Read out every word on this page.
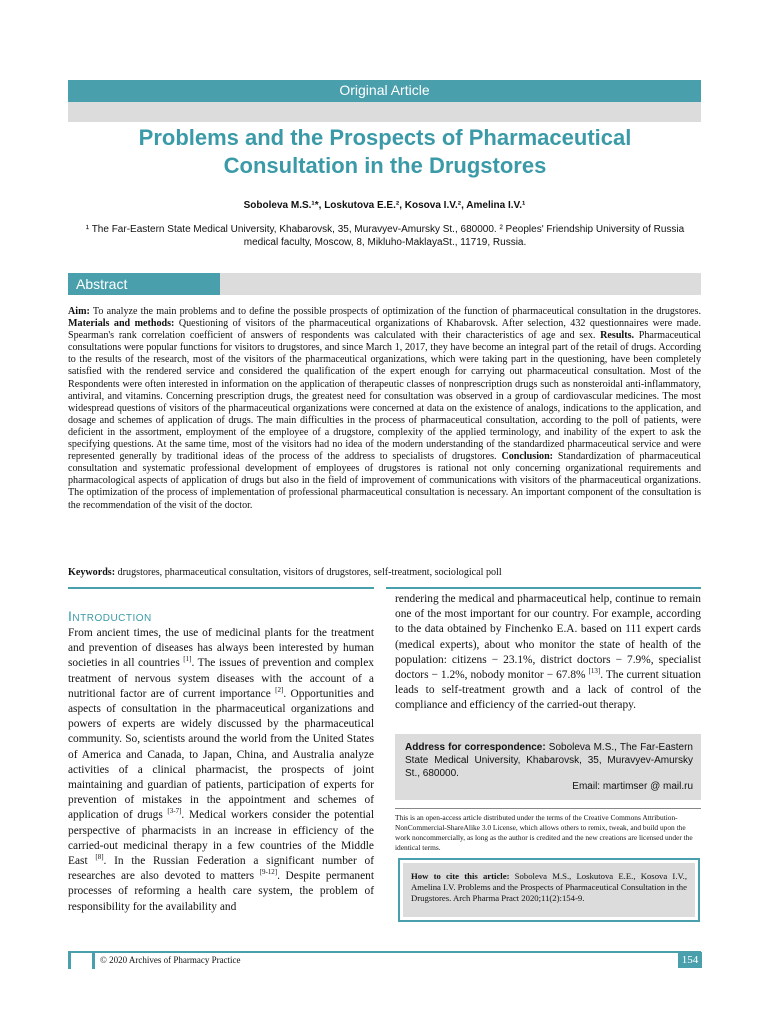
Original Article
Problems and the Prospects of Pharmaceutical Consultation in the Drugstores
Soboleva M.S.¹*, Loskutova E.E.², Kosova I.V.², Amelina I.V.¹
¹ The Far-Eastern State Medical University, Khabarovsk, 35, Muravyev-Amursky St., 680000. ² Peoples' Friendship University of Russia
medical faculty, Moscow, 8, Mikluho-MaklayaSt., 11719, Russia.
Abstract

Aim: To analyze the main problems and to define the possible prospects of optimization of the function of pharmaceutical consultation in the drugstores. Materials and methods: Questioning of visitors of the pharmaceutical organizations of Khabarovsk. After selection, 432 questionnaires were made. Spearman's rank correlation coefficient of answers of respondents was calculated with their characteristics of age and sex. Results. Pharmaceutical consultations were popular functions for visitors to drugstores, and since March 1, 2017, they have become an integral part of the retail of drugs. According to the results of the research, most of the visitors of the pharmaceutical organizations, which were taking part in the questioning, have been completely satisfied with the rendered service and considered the qualification of the expert enough for carrying out pharmaceutical consultation. Most of the Respondents were often interested in information on the application of therapeutic classes of nonprescription drugs such as nonsteroidal anti-inflammatory, antiviral, and vitamins. Concerning prescription drugs, the greatest need for consultation was observed in a group of cardiovascular medicines. The most widespread questions of visitors of the pharmaceutical organizations were concerned at data on the existence of analogs, indications to the application, and dosage and schemes of application of drugs. The main difficulties in the process of pharmaceutical consultation, according to the poll of patients, were deficient in the assortment, employment of the employee of a drugstore, complexity of the applied terminology, and inability of the expert to ask the specifying questions. At the same time, most of the visitors had no idea of the modern understanding of the standardized pharmaceutical service and were represented generally by traditional ideas of the process of the address to specialists of drugstores. Conclusion: Standardization of pharmaceutical consultation and systematic professional development of employees of drugstores is rational not only concerning organizational requirements and pharmacological aspects of application of drugs but also in the field of improvement of communications with visitors of the pharmaceutical organizations. The optimization of the process of implementation of professional pharmaceutical consultation is necessary. An important component of the consultation is the recommendation of the visit of the doctor.

Keywords: drugstores, pharmaceutical consultation, visitors of drugstores, self-treatment, sociological poll

Introduction

From ancient times, the use of medicinal plants for the treatment and prevention of diseases has always been interested by human societies in all countries [1]. The issues of prevention and complex treatment of nervous system diseases with the account of a nutritional factor are of current importance [2]. Opportunities and aspects of consultation in the pharmaceutical organizations and powers of experts are widely discussed by the pharmaceutical community. So, scientists around the world from the United States of America and Canada, to Japan, China, and Australia analyze activities of a clinical pharmacist, the prospects of joint maintaining and guardian of patients, participation of experts for prevention of mistakes in the appointment and schemes of application of drugs [3-7]. Medical workers consider the potential perspective of pharmacists in an increase in efficiency of the carried-out medicinal therapy in a few countries of the Middle East [8]. In the Russian Federation a significant number of researches are also devoted to matters [9-12]. Despite permanent processes of reforming a health care system, the problem of responsibility for the availability and

rendering the medical and pharmaceutical help, continue to remain one of the most important for our country. For example, according to the data obtained by Finchenko E.A. based on 111 expert cards (medical experts), about who monitor the state of health of the population: citizens − 23.1%, district doctors − 7.9%, specialist doctors − 1.2%, nobody monitor − 67.8% [13]. The current situation leads to self-treatment growth and a lack of control of the compliance and efficiency of the carried-out therapy.

Address for correspondence: Soboleva M.S., The Far-Eastern State Medical University, Khabarovsk, 35, Muravyev-Amursky St., 680000.
Email: martimser @ mail.ru
This is an open-access article distributed under the terms of the Creative Commons Attribution-NonCommercial-ShareAlike 3.0 License, which allows others to remix, tweak, and build upon the work noncommercially, as long as the author is credited and the new creations are licensed under the identical terms.
How to cite this article: Soboleva M.S., Loskutova E.E., Kosova I.V., Amelina I.V. Problems and the Prospects of Pharmaceutical Consultation in the Drugstores. Arch Pharma Pract 2020;11(2):154-9.
© 2020 Archives of Pharmacy Practice	154
